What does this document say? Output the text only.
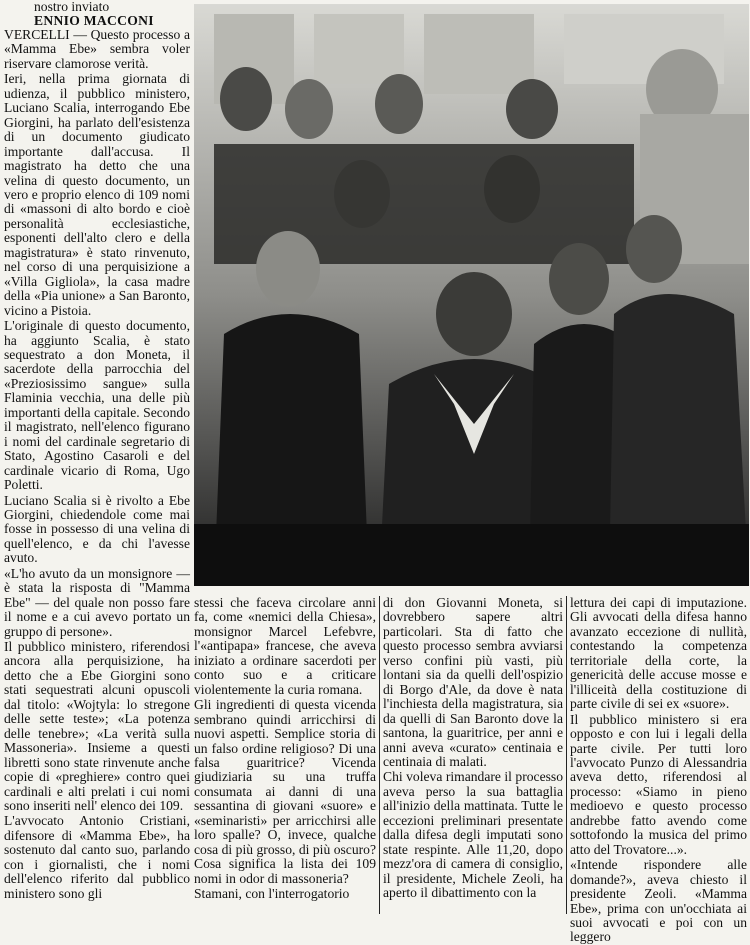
nostro inviato
ENNIO MACCONI

VERCELLI — Questo processo a «Mamma Ebe» sembra voler riservare clamorose verità.

Ieri, nella prima giornata di udienza, il pubblico ministero, Luciano Scalia, interrogando Ebe Giorgini, ha parlato dell'esistenza di un documento giudicato importante dall'accusa. Il magistrato ha detto che una velina di questo documento, un vero e proprio elenco di 109 nomi di «massoni di alto bordo e cioè personalità ecclesiastiche, esponenti dell'alto clero e della magistratura» è stato rinvenuto, nel corso di una perquisizione a «Villa Gigliola», la casa madre della «Pia unione» a San Baronto, vicino a Pistoia.

L'originale di questo documento, ha aggiunto Scalia, è stato sequestrato a don Moneta, il sacerdote della parrocchia del «Preziosissimo sangue» sulla Flaminia vecchia, una delle più importanti della capitale. Secondo il magistrato, nell'elenco figurano i nomi del cardinale segretario di Stato, Agostino Casaroli e del cardinale vicario di Roma, Ugo Poletti.

Luciano Scalia si è rivolto a Ebe Giorgini, chiedendole come mai fosse in possesso di una velina di quell'elenco, e da chi l'avesse avuto.

«L'ho avuto da un monsignore — è stata la risposta di "Mamma Ebe" — del quale non posso fare il nome e a cui avevo portato un gruppo di persone».

Il pubblico ministero, riferendosi ancora alla perquisizione, ha detto che a Ebe Giorgini sono stati sequestrati alcuni opuscoli dal titolo: «Wojtyla: lo stregone delle sette teste»; «La potenza delle tenebre»; «La verità sulla Massoneria». Insieme a questi libretti sono state rinvenute anche copie di «preghiere» contro quei cardinali e alti prelati i cui nomi sono inseriti nell' elenco dei 109.

L'avvocato Antonio Cristiani, difensore di «Mamma Ebe», ha sostenuto dal canto suo, parlando con i giornalisti, che i nomi dell'elenco riferito dal pubblico ministero sono gli

stessi che faceva circolare anni fa, come «nemici della Chiesa», monsignor Marcel Lefebvre, l'«antipapa» francese, che aveva iniziato a ordinare sacerdoti per conto suo e a criticare violentemente la curia romana.

Gli ingredienti di questa vicenda sembrano quindi arricchirsi di nuovi aspetti. Semplice storia di un falso ordine religioso? Di una falsa guaritrice? Vicenda giudiziaria su una truffa consumata ai danni di una sessantina di giovani «suore» e «seminaristi» per arricchirsi alle loro spalle? O, invece, qualche cosa di più grosso, di più oscuro? Cosa significa la lista dei 109 nomi in odor di massoneria?

Stamani, con l'interrogatorio

di don Giovanni Moneta, si dovrebbero sapere altri particolari. Sta di fatto che questo processo sembra avviarsi verso confini più vasti, più lontani sia da quelli dell'ospizio di Borgo d'Ale, da dove è nata l'inchiesta della magistratura, sia da quelli di San Baronto dove la santona, la guaritrice, per anni e anni aveva «curato» centinaia e centinaia di malati.

Chi voleva rimandare il processo aveva perso la sua battaglia all'inizio della mattinata. Tutte le eccezioni preliminari presentate dalla difesa degli imputati sono state respinte. Alle 11,20, dopo mezz'ora di camera di consiglio, il presidente, Michele Zeoli, ha aperto il dibattimento con la

lettura dei capi di imputazione. Gli avvocati della difesa hanno avanzato eccezione di nullità, contestando la competenza territoriale della corte, la genericità delle accuse mosse e l'illiceità della costituzione di parte civile di sei ex «suore».

Il pubblico ministero si era opposto e con lui i legali della parte civile. Per tutti loro l'avvocato Punzo di Alessandria aveva detto, riferendosi al processo: «Siamo in pieno medioevo e questo processo andrebbe fatto avendo come sottofondo la musica del primo atto del Trovatore...».

«Intende rispondere alle domande?», aveva chiesto il presidente Zeoli. «Mamma Ebe», prima con un'occhiata ai suoi avvocati e poi con un leggero
